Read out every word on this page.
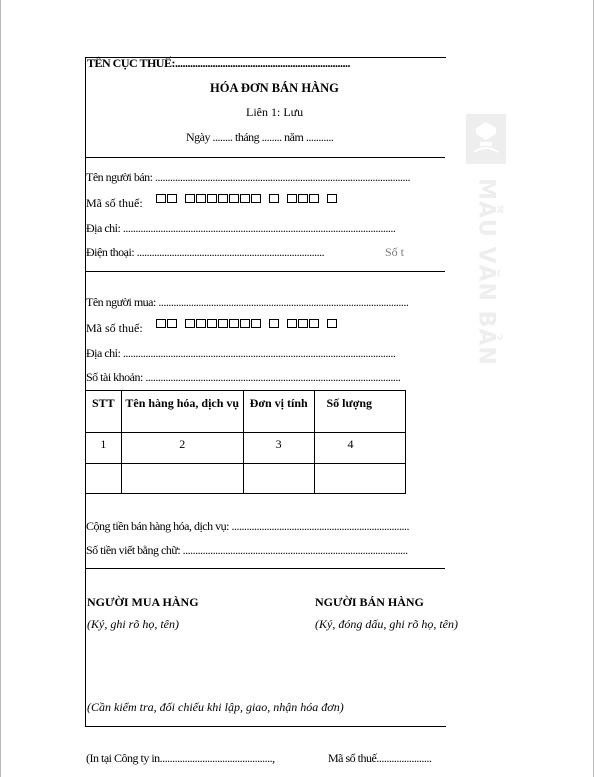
TÊN CỤC THUẾ:......................................................................
HÓA ĐƠN BÁN HÀNG
Liên 1: Lưu
Ngày ........ tháng ........ năm ...........
Tên người bán: ......................................................................................................
Mã số thuế:
Địa chỉ: .............................................................................................................
Điện thoại: ...........................................................................	Số t
Tên người mua: ....................................................................................................
Mã số thuế:
Địa chỉ: .............................................................................................................
Số tài khoản: ......................................................................................................
STT	Tên hàng hóa, dịch vụ	Đơn vị tính	Số lượng
1	2	3	4

Cộng tiền bán hàng hóa, dịch vụ: .......................................................................
Số tiền viết bằng chữ: ..........................................................................................
NGƯỜI MUA HÀNG
(Ký, ghi rõ họ, tên)
NGƯỜI BÁN HÀNG
(Ký, đóng dấu, ghi rõ họ, tên)
(Cần kiểm tra, đối chiếu khi lập, giao, nhận hóa đơn)
(In tại Công ty in.............................................,	Mã số thuế......................
MẪU VĂN BẢN
